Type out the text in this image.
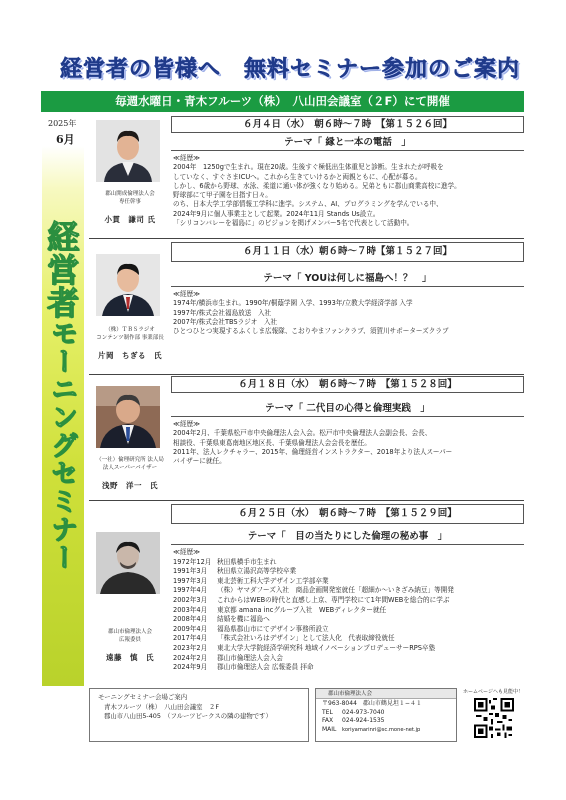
経営者の皆様へ　無料セミナー参加のご案内
毎週水曜日・青木フルーツ（株）　八山田会議室（２F）にて開催
2025年
6月
経営者モーニングセミナー
郡山開成倫理法人会
専任幹事
小貫　謙司 氏
６月４日（水）　朝６時～７時　【第１５２６回】
テーマ「 縁と一本の電話　」
≪経歴≫
2004年　1250gで生まれ。現在20歳。生後すぐ極低出生体重児と診断。生まれたが呼吸を
していなく、すぐさまICUへ。これから生きていけるかと両親ともに、心配が募る。
しかし、6歳から野球、水泳、柔道に通い体が強くなり始める。兄弟ともに郡山商業高校に進学。
野球部にて甲子園を目指す日々。
のち、日本大学工学部情報工学科に進学。システム、AI、プログラミングを学んでいる中、
2024年9月に個人事業主として起業。2024年11月 Stands Us設立。
「シリコンバレーを福島に」のビジョンを掲げメンバー5名で代表として活動中。
（株）ＴＢＳラジオ
コンテンツ制作部 事業部長
片岡　ちぎる　氏
６月１１日（水）朝６時～７時【第１５２７回】
テーマ「 YOUは何しに福島へ！？　」
≪経歴≫
1974年/横浜市生まれ。1990年/桐蔭学園 入学、1993年/立教大学経済学部 入学
1997年/株式会社福島放送　入社
2007年/株式会社TBSラジオ　入社
ひとつひとつ実現するふくしま広報隊、こおりやまファンクラブ、須賀川サポーターズクラブ
（一社）倫理研究所 法人局
法人スーパーバイザー
浅野　洋一　氏
６月１８日（水）　朝６時～７時　【第１５２８回】
テーマ「 二代目の心得と倫理実践　」
≪経歴≫
2004年2月、千葉県松戸市中央倫理法人会入会。松戸市中央倫理法人会副会長、会長、
相談役、千葉県東葛南地区地区長、千葉県倫理法人会会長を歴任。
2011年、法人レクチャラー、2015年、倫理経営インストラクター、2018年より法人スーパー
バイザーに就任。
郡山市倫理法人会
広報委員
遠藤　慎　氏
６月２５日（水）　朝６時～７時　【第１５２９回】
テーマ「　目の当たりにした倫理の秘め事　」
≪経歴≫
1972年12月 秋田県横手市生まれ
1991年3月	秋田県立湯沢高等学校卒業
1997年3月	東北芸術工科大学デザイン工学部卒業
1997年4月	（株）ヤマダフーズ入社　商品企画開発室就任「超細か～いきざみ納豆」等開発
2002年3月	これからはWEBの時代と直感し上京、専門学校にて1年間WEBを総合的に学ぶ
2003年4月	東京都 amana incグループ入社　WEBディレクター就任
2008年4月	結婚を機に福島へ
2009年4月	福島県郡山市にてデザイン事務所設立
2017年4月	「株式会社いろはデザイン」として法人化　代表取締役就任
2023年2月	東北大学大学院経済学研究科 地域イノベーションプロデューサーRPS卒塾
2024年2月	郡山市倫理法人会入会
2024年9月	郡山市倫理法人会 広報委員 拝命
モーニングセミナー会場ご案内
青木フルーツ（株）　八山田会議室　２F
郡山市八山田5-405　（フルーツピークスの隣の建物です）
郡山市倫理法人会
〒963-8044　郡山市鶴見坦１−４１
TEL 024-973-7040
FAX 024-924-1535
MAIL koriyamarinri@sc.mone-net.jp
ホームページへも見能中！
